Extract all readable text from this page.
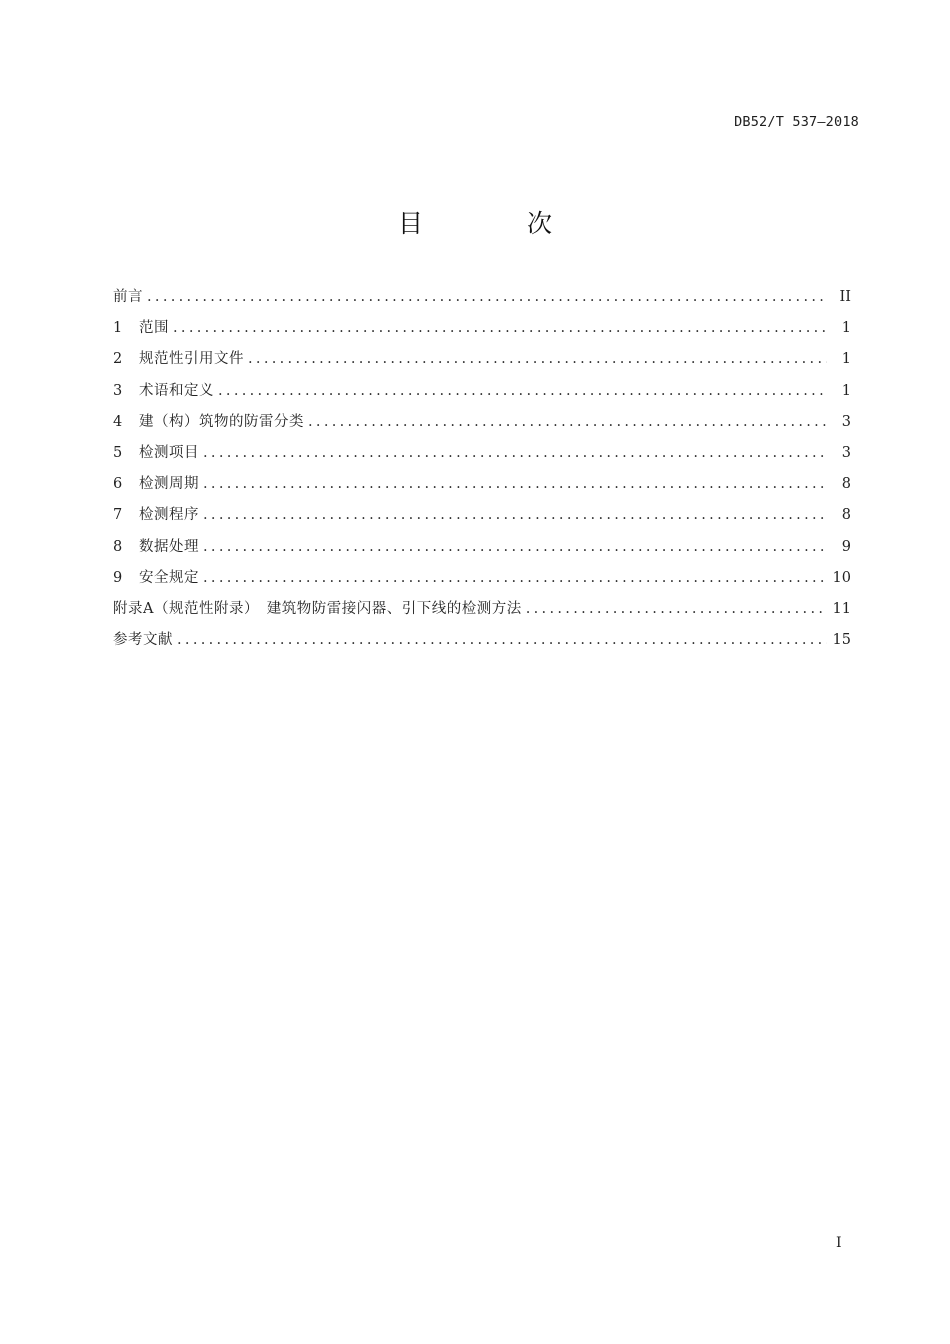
DB52/T 537—2018
目 次
前言 .....	II
1	范围 .....	1
2	规范性引用文件 .....	1
3	术语和定义 .....	1
4	建（构）筑物的防雷分类 .....	3
5	检测项目 .....	3
6	检测周期 .....	8
7	检测程序 .....	8
8	数据处理 .....	9
9	安全规定 .....	10
附录A（规范性附录）　建筑物防雷接闪器、引下线的检测方法 .....	11
参考文献 .....	15
I
